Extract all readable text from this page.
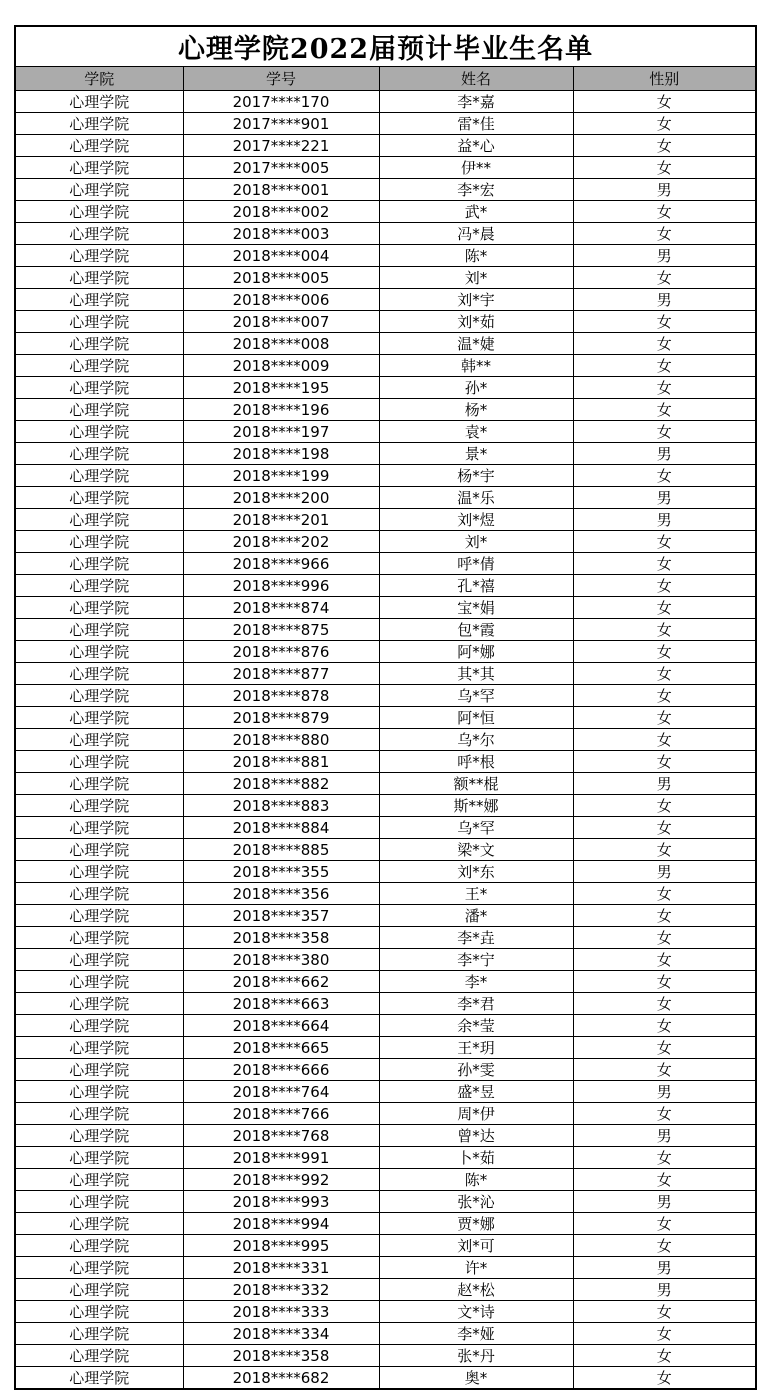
心理学院2022届预计毕业生名单			
学院	学号	姓名	性别
心理学院	2017****170	李*嘉	女
心理学院	2017****901	雷*佳	女
心理学院	2017****221	益*心	女
心理学院	2017****005	伊**	女
心理学院	2018****001	李*宏	男
心理学院	2018****002	武*	女
心理学院	2018****003	冯*晨	女
心理学院	2018****004	陈*	男
心理学院	2018****005	刘*	女
心理学院	2018****006	刘*宇	男
心理学院	2018****007	刘*茹	女
心理学院	2018****008	温*婕	女
心理学院	2018****009	韩**	女
心理学院	2018****195	孙*	女
心理学院	2018****196	杨*	女
心理学院	2018****197	袁*	女
心理学院	2018****198	景*	男
心理学院	2018****199	杨*宇	女
心理学院	2018****200	温*乐	男
心理学院	2018****201	刘*煜	男
心理学院	2018****202	刘*	女
心理学院	2018****966	呼*倩	女
心理学院	2018****996	孔*禧	女
心理学院	2018****874	宝*娟	女
心理学院	2018****875	包*霞	女
心理学院	2018****876	阿*娜	女
心理学院	2018****877	其*其	女
心理学院	2018****878	乌*罕	女
心理学院	2018****879	阿*恒	女
心理学院	2018****880	乌*尔	女
心理学院	2018****881	呼*根	女
心理学院	2018****882	额**棍	男
心理学院	2018****883	斯**娜	女
心理学院	2018****884	乌*罕	女
心理学院	2018****885	梁*文	女
心理学院	2018****355	刘*东	男
心理学院	2018****356	王*	女
心理学院	2018****357	潘*	女
心理学院	2018****358	李*垚	女
心理学院	2018****380	李*宁	女
心理学院	2018****662	李*	女
心理学院	2018****663	李*君	女
心理学院	2018****664	余*莹	女
心理学院	2018****665	王*玥	女
心理学院	2018****666	孙*雯	女
心理学院	2018****764	盛*昱	男
心理学院	2018****766	周*伊	女
心理学院	2018****768	曾*达	男
心理学院	2018****991	卜*茹	女
心理学院	2018****992	陈*	女
心理学院	2018****993	张*沁	男
心理学院	2018****994	贾*娜	女
心理学院	2018****995	刘*可	女
心理学院	2018****331	许*	男
心理学院	2018****332	赵*松	男
心理学院	2018****333	文*诗	女
心理学院	2018****334	李*娅	女
心理学院	2018****358	张*丹	女
心理学院	2018****682	奥*	女
